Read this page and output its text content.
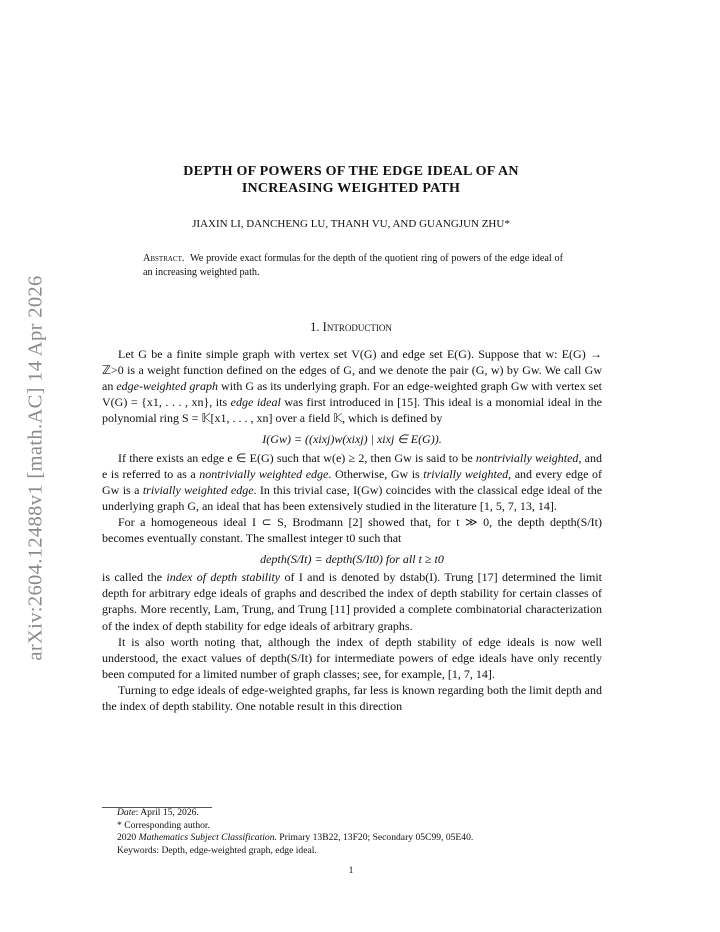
arXiv:2604.12488v1 [math.AC] 14 Apr 2026
DEPTH OF POWERS OF THE EDGE IDEAL OF AN
INCREASING WEIGHTED PATH
JIAXIN LI, DANCHENG LU, THANH VU, AND GUANGJUN ZHU*
Abstract. We provide exact formulas for the depth of the quotient ring of powers of the edge ideal of an increasing weighted path.
1. Introduction

Let G be a finite simple graph with vertex set V(G) and edge set E(G). Suppose that w: E(G) → ℤ>0 is a weight function defined on the edges of G, and we denote the pair (G, w) by Gw. We call Gw an edge-weighted graph with G as its underlying graph. For an edge-weighted graph Gw with vertex set V(G) = {x1, . . . , xn}, its edge ideal was first introduced in [15]. This ideal is a monomial ideal in the polynomial ring S = 𝕂[x1, . . . , xn] over a field 𝕂, which is defined by

I(Gw) = ((xixj)w(xixj) | xixj ∈ E(G)).

If there exists an edge e ∈ E(G) such that w(e) ≥ 2, then Gw is said to be nontrivially weighted, and e is referred to as a nontrivially weighted edge. Otherwise, Gw is trivially weighted, and every edge of Gw is a trivially weighted edge. In this trivial case, I(Gw) coincides with the classical edge ideal of the underlying graph G, an ideal that has been extensively studied in the literature [1, 5, 7, 13, 14].

For a homogeneous ideal I ⊂ S, Brodmann [2] showed that, for t ≫ 0, the depth depth(S/It) becomes eventually constant. The smallest integer t0 such that

depth(S/It) = depth(S/It0) for all t ≥ t0

is called the index of depth stability of I and is denoted by dstab(I). Trung [17] determined the limit depth for arbitrary edge ideals of graphs and described the index of depth stability for certain classes of graphs. More recently, Lam, Trung, and Trung [11] provided a complete combinatorial characterization of the index of depth stability for edge ideals of arbitrary graphs.

It is also worth noting that, although the index of depth stability of edge ideals is now well understood, the exact values of depth(S/It) for intermediate powers of edge ideals have only recently been computed for a limited number of graph classes; see, for example, [1, 7, 14].

Turning to edge ideals of edge-weighted graphs, far less is known regarding both the limit depth and the index of depth stability. One notable result in this direction

Date: April 15, 2026.
* Corresponding author.
2020 Mathematics Subject Classification. Primary 13B22, 13F20; Secondary 05C99, 05E40.
Keywords: Depth, edge-weighted graph, edge ideal.
1
